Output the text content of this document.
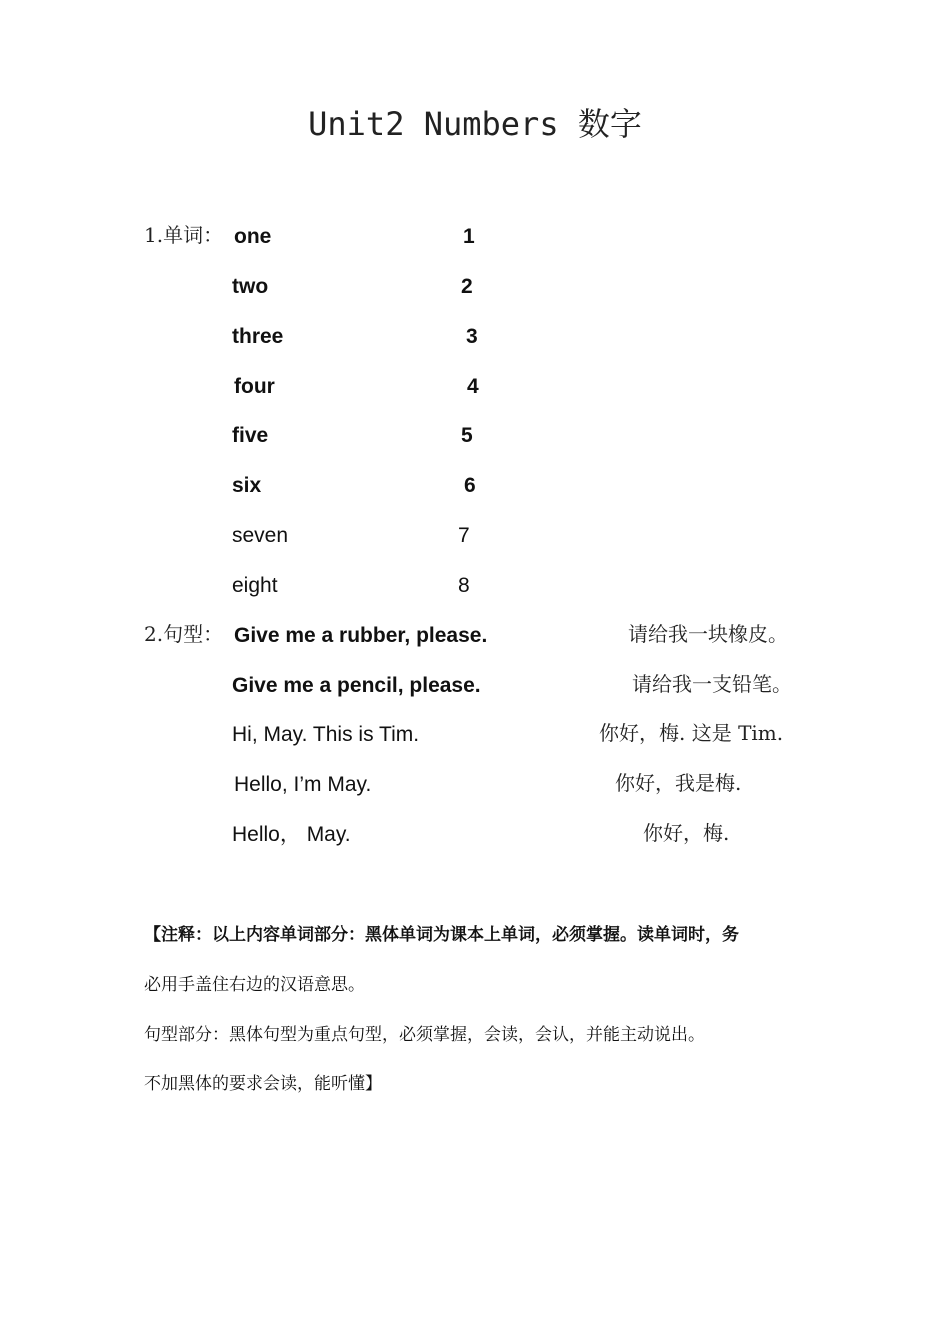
Unit2 Numbers 数字
1.单词： one	1
two	2
three	3
four	4
five	5
six	6
seven	7
eight	8
2.句型： Give me a rubber, please.	请给我一块橡皮。
Give me a pencil, please.	请给我一支铅笔。
Hi, May. This is Tim.	你好，梅. 这是 Tim.
Hello, I’m May.	你好，我是梅.
Hello， May.	你好，梅.
【注释：以上内容单词部分：黑体单词为课本上单词，必须掌握。读单词时，务
必用手盖住右边的汉语意思。
句型部分：黑体句型为重点句型，必须掌握，会读，会认，并能主动说出。
不加黑体的要求会读，能听懂】
